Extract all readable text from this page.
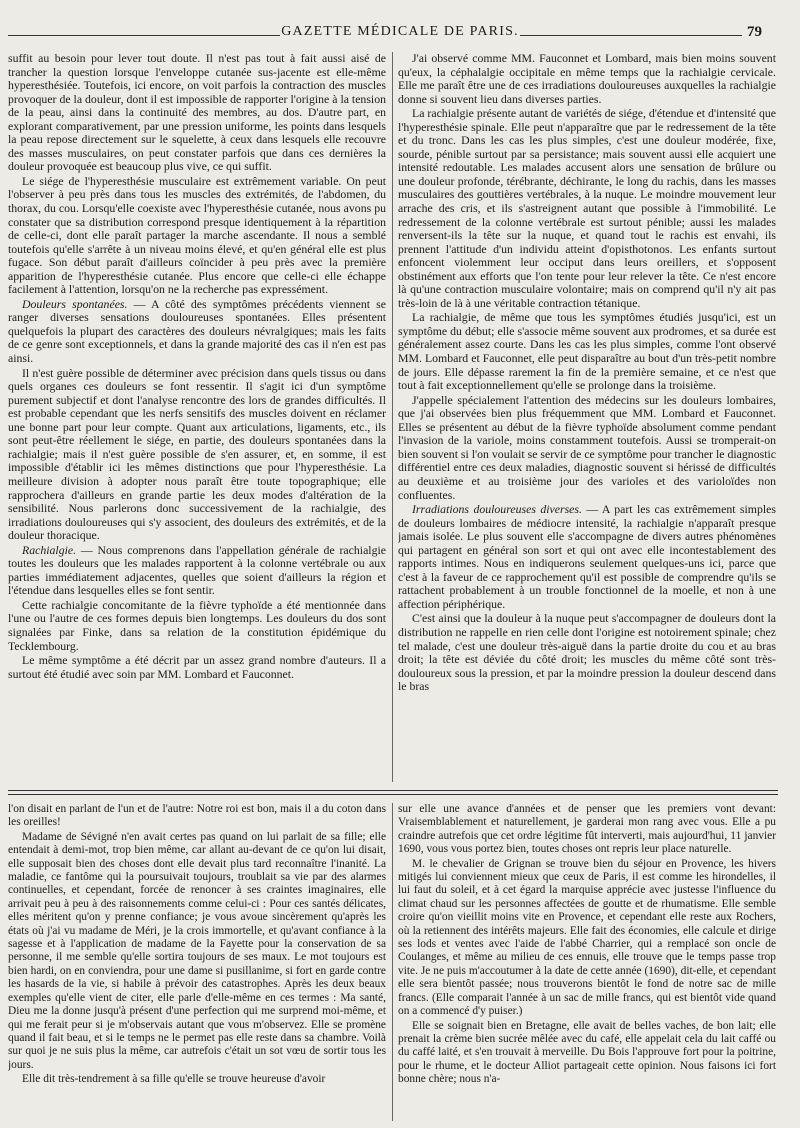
GAZETTE MÉDICALE DE PARIS.	79

suffit au besoin pour lever tout doute. Il n'est pas tout à fait aussi aisé de trancher la question lorsque l'enveloppe cutanée sus-jacente est elle-même hyperesthésiée. Toutefois, ici encore, on voit parfois la contraction des muscles provoquer de la douleur, dont il est impossible de rapporter l'origine à la tension de la peau, ainsi dans la continuité des membres, au dos. D'autre part, en explorant comparativement, par une pression uniforme, les points dans lesquels la peau repose directement sur le squelette, à ceux dans lesquels elle recouvre des masses musculaires, on peut constater parfois que dans ces dernières la douleur provoquée est beaucoup plus vive, ce qui suffit.

Le siége de l'hyperesthésie musculaire est extrêmement variable. On peut l'observer à peu près dans tous les muscles des extrémités, de l'abdomen, du thorax, du cou. Lorsqu'elle coexiste avec l'hyperesthésie cutanée, nous avons pu constater que sa distribution correspond presque identiquement à la répartition de celle-ci, dont elle paraît partager la marche ascendante. Il nous a semblé toutefois qu'elle s'arrête à un niveau moins élevé, et qu'en général elle est plus fugace. Son début paraît d'ailleurs coïncider à peu près avec la première apparition de l'hyperesthésie cutanée. Plus encore que celle-ci elle échappe facilement à l'attention, lorsqu'on ne la recherche pas expressément.

Douleurs spontanées. — A côté des symptômes précédents viennent se ranger diverses sensations douloureuses spontanées. Elles présentent quelquefois la plupart des caractères des douleurs névralgiques; mais les faits de ce genre sont exceptionnels, et dans la grande majorité des cas il n'en est pas ainsi.

Il n'est guère possible de déterminer avec précision dans quels tissus ou dans quels organes ces douleurs se font ressentir. Il s'agit ici d'un symptôme purement subjectif et dont l'analyse rencontre des lors de grandes difficultés. Il est probable cependant que les nerfs sensitifs des muscles doivent en réclamer une bonne part pour leur compte. Quant aux articulations, ligaments, etc., ils sont peut-être réellement le siége, en partie, des douleurs spontanées dans la rachialgie; mais il n'est guère possible de s'en assurer, et, en somme, il est impossible d'établir ici les mêmes distinctions que pour l'hyperesthésie. La meilleure division à adopter nous paraît être toute topographique; elle rapprochera d'ailleurs en grande partie les deux modes d'altération de la sensibilité. Nous parlerons donc successivement de la rachialgie, des irradiations douloureuses qui s'y associent, des douleurs des extrémités, et de la douleur thoracique.

Rachialgie. — Nous comprenons dans l'appellation générale de rachialgie toutes les douleurs que les malades rapportent à la colonne vertébrale ou aux parties immédiatement adjacentes, quelles que soient d'ailleurs la région et l'étendue dans lesquelles elles se font sentir.

Cette rachialgie concomitante de la fièvre typhoïde a été mentionnée dans l'une ou l'autre de ces formes depuis bien longtemps. Les douleurs du dos sont signalées par Finke, dans sa relation de la constitution épidémique du Tecklembourg.

Le même symptôme a été décrit par un assez grand nombre d'auteurs. Il a surtout été étudié avec soin par MM. Lombard et Fauconnet.

J'ai observé comme MM. Fauconnet et Lombard, mais bien moins souvent qu'eux, la céphalalgie occipitale en même temps que la rachialgie cervicale. Elle me paraît être une de ces irradiations douloureuses auxquelles la rachialgie donne si souvent lieu dans diverses parties.

La rachialgie présente autant de variétés de siége, d'étendue et d'intensité que l'hyperesthésie spinale. Elle peut n'apparaître que par le redressement de la tête et du tronc. Dans les cas les plus simples, c'est une douleur modérée, fixe, sourde, pénible surtout par sa persistance; mais souvent aussi elle acquiert une intensité redoutable. Les malades accusent alors une sensation de brûlure ou une douleur profonde, térébrante, déchirante, le long du rachis, dans les masses musculaires des gouttières vertébrales, à la nuque. Le moindre mouvement leur arrache des cris, et ils s'astreignent autant que possible à l'immobilité. Le redressement de la colonne vertébrale est surtout pénible; aussi les malades renversent-ils la tête sur la nuque, et quand tout le rachis est envahi, ils prennent l'attitude d'un individu atteint d'opisthotonos. Les enfants surtout enfoncent violemment leur occiput dans leurs oreillers, et s'opposent obstinément aux efforts que l'on tente pour leur relever la tête. Ce n'est encore là qu'une contraction musculaire volontaire; mais on comprend qu'il n'y ait pas très-loin de là à une véritable contraction tétanique.

La rachialgie, de même que tous les symptômes étudiés jusqu'ici, est un symptôme du début; elle s'associe même souvent aux prodromes, et sa durée est généralement assez courte. Dans les cas les plus simples, comme l'ont observé MM. Lombard et Fauconnet, elle peut disparaître au bout d'un très-petit nombre de jours. Elle dépasse rarement la fin de la première semaine, et ce n'est que tout à fait exceptionnellement qu'elle se prolonge dans la troisième.

J'appelle spécialement l'attention des médecins sur les douleurs lombaires, que j'ai observées bien plus fréquemment que MM. Lombard et Fauconnet. Elles se présentent au début de la fièvre typhoïde absolument comme pendant l'invasion de la variole, moins constamment toutefois. Aussi se tromperait-on bien souvent si l'on voulait se servir de ce symptôme pour trancher le diagnostic différentiel entre ces deux maladies, diagnostic souvent si hérissé de difficultés au deuxième et au troisième jour des varioles et des varioloïdes non confluentes.

Irradiations douloureuses diverses. — A part les cas extrêmement simples de douleurs lombaires de médiocre intensité, la rachialgie n'apparaît presque jamais isolée. Le plus souvent elle s'accompagne de divers autres phénomènes qui partagent en général son sort et qui ont avec elle incontestablement des rapports intimes. Nous en indiquerons seulement quelques-uns ici, parce que c'est à la faveur de ce rapprochement qu'il est possible de comprendre qu'ils se rattachent probablement à un trouble fonctionnel de la moelle, et non à une affection périphérique.

C'est ainsi que la douleur à la nuque peut s'accompagner de douleurs dont la distribution ne rappelle en rien celle dont l'origine est notoirement spinale; chez tel malade, c'est une douleur très-aiguë dans la partie droite du cou et au bras droit; la tête est déviée du côté droit; les muscles du même côté sont très-douloureux sous la pression, et par la moindre pression la douleur descend dans le bras

l'on disait en parlant de l'un et de l'autre: Notre roi est bon, mais il a du coton dans les oreilles!

Madame de Sévigné n'en avait certes pas quand on lui parlait de sa fille; elle entendait à demi-mot, trop bien même, car allant au-devant de ce qu'on lui disait, elle supposait bien des choses dont elle devait plus tard reconnaître l'inanité. La maladie, ce fantôme qui la poursuivait toujours, troublait sa vie par des alarmes continuelles, et cependant, forcée de renoncer à ses craintes imaginaires, elle arrivait peu à peu à des raisonnements comme celui-ci : Pour ces santés délicates, elles méritent qu'on y prenne confiance; je vous avoue sincèrement qu'après les états où j'ai vu madame de Méri, je la crois immortelle, et qu'avant confiance à la sagesse et à l'application de madame de la Fayette pour la conservation de sa personne, il me semble qu'elle sortira toujours de ses maux. Le mot toujours est bien hardi, on en conviendra, pour une dame si pusillanime, si fort en garde contre les hasards de la vie, si habile à prévoir des catastrophes. Après les deux beaux exemples qu'elle vient de citer, elle parle d'elle-même en ces termes : Ma santé, Dieu me la donne jusqu'à présent d'une perfection qui me surprend moi-même, et qui me ferait peur si je m'observais autant que vous m'observez. Elle se promène quand il fait beau, et si le temps ne le permet pas elle reste dans sa chambre. Voilà sur quoi je ne suis plus la même, car autrefois c'était un sot vœu de sortir tous les jours.

Elle dit très-tendrement à sa fille qu'elle se trouve heureuse d'avoir

sur elle une avance d'années et de penser que les premiers vont devant: Vraisemblablement et naturellement, je garderai mon rang avec vous. Elle a pu craindre autrefois que cet ordre légitime fût interverti, mais aujourd'hui, 11 janvier 1690, vous vous portez bien, toutes choses ont repris leur place naturelle.

M. le chevalier de Grignan se trouve bien du séjour en Provence, les hivers mitigés lui conviennent mieux que ceux de Paris, il est comme les hirondelles, il lui faut du soleil, et à cet égard la marquise apprécie avec justesse l'influence du climat chaud sur les personnes affectées de goutte et de rhumatisme. Elle semble croire qu'on vieillit moins vite en Provence, et cependant elle reste aux Rochers, où la retiennent des intérêts majeurs. Elle fait des économies, elle calcule et dirige ses lods et ventes avec l'aide de l'abbé Charrier, qui a remplacé son oncle de Coulanges, et même au milieu de ces ennuis, elle trouve que le temps passe trop vite. Je ne puis m'accoutumer à la date de cette année (1690), dit-elle, et cependant elle sera bientôt passée; nous trouverons bientôt le fond de notre sac de mille francs. (Elle comparait l'année à un sac de mille francs, qui est bientôt vide quand on a commencé d'y puiser.)

Elle se soignait bien en Bretagne, elle avait de belles vaches, de bon lait; elle prenait la crème bien sucrée mêlée avec du café, elle appelait cela du lait caffé ou du caffé laité, et s'en trouvait à merveille. Du Bois l'approuve fort pour la poitrine, pour le rhume, et le docteur Alliot partageait cette opinion. Nous faisons ici fort bonne chère; nous n'a-
